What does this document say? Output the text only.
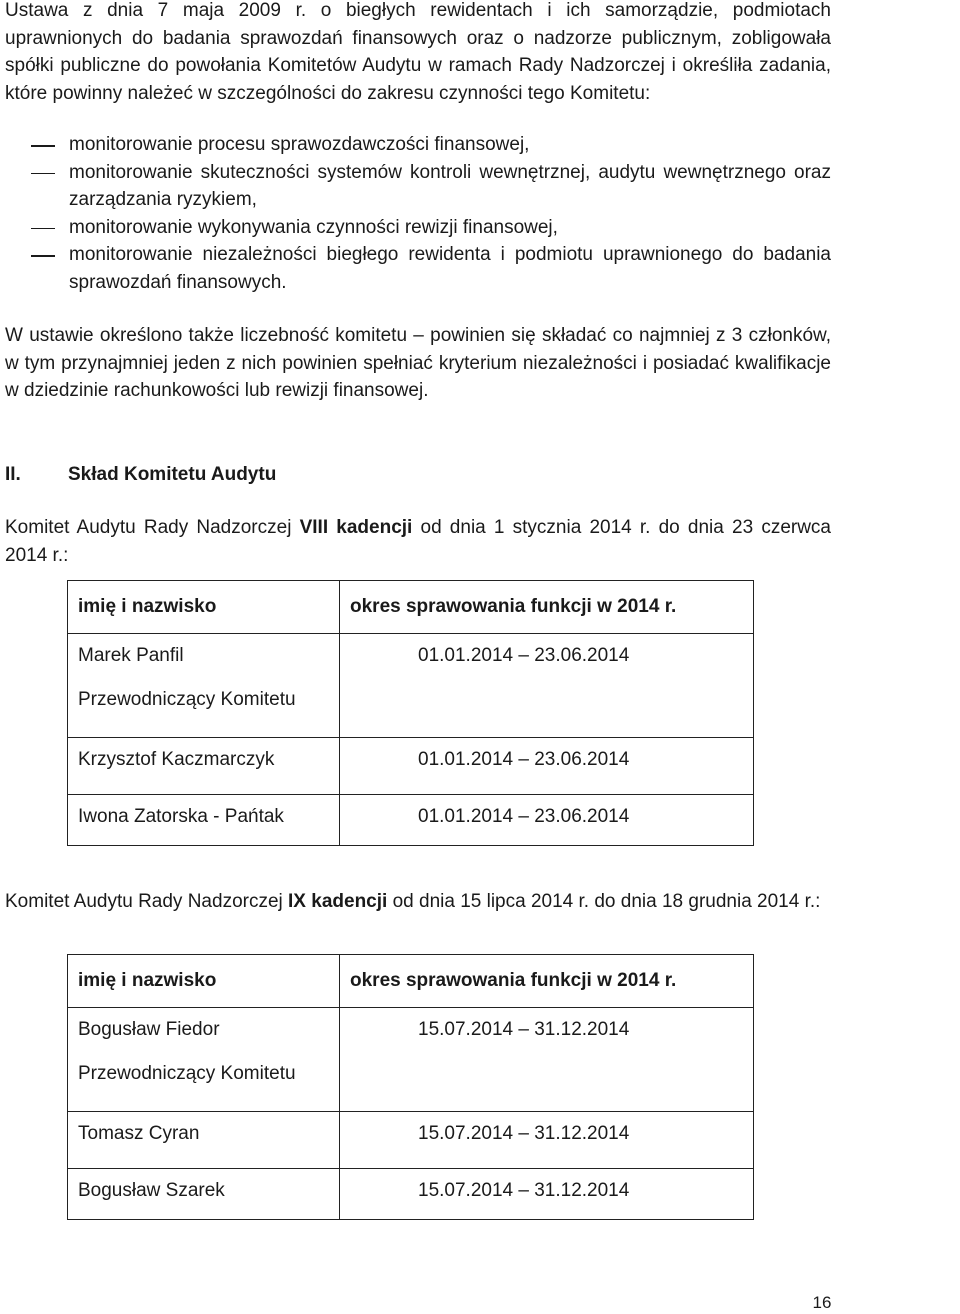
Ustawa z dnia 7 maja 2009 r. o biegłych rewidentach i ich samorządzie, podmiotach uprawnionych do badania sprawozdań finansowych oraz o nadzorze publicznym, zobligowała spółki publiczne do powołania Komitetów Audytu w ramach Rady Nadzorczej i określiła zadania, które powinny należeć w szczególności do zakresu czynności tego Komitetu:

monitorowanie procesu sprawozdawczości finansowej,
monitorowanie skuteczności systemów kontroli wewnętrznej, audytu wewnętrznego oraz zarządzania ryzykiem,
monitorowanie wykonywania czynności rewizji finansowej,
monitorowanie niezależności biegłego rewidenta i podmiotu uprawnionego do badania sprawozdań finansowych.

W ustawie określono także liczebność komitetu – powinien się składać co najmniej z 3 członków, w tym przynajmniej jeden z nich powinien spełniać kryterium niezależności i posiadać kwalifikacje w dziedzinie rachunkowości lub rewizji finansowej.

II. Skład Komitetu Audytu

Komitet Audytu Rady Nadzorczej VIII kadencji od dnia 1 stycznia 2014 r. do dnia 23 czerwca 2014 r.:

imię i nazwisko	okres sprawowania funkcji w 2014 r.

Marek Panfil
Przewodniczący Komitetu	01.01.2014 – 23.06.2014
Krzysztof Kaczmarczyk	01.01.2014 – 23.06.2014
Iwona Zatorska - Pańtak	01.01.2014 – 23.06.2014

Komitet Audytu Rady Nadzorczej IX kadencji od dnia 15 lipca 2014 r. do dnia 18 grudnia 2014 r.:

imię i nazwisko	okres sprawowania funkcji w 2014 r.

Bogusław Fiedor
Przewodniczący Komitetu	15.07.2014 – 31.12.2014
Tomasz Cyran	15.07.2014 – 31.12.2014
Bogusław Szarek	15.07.2014 – 31.12.2014
16
